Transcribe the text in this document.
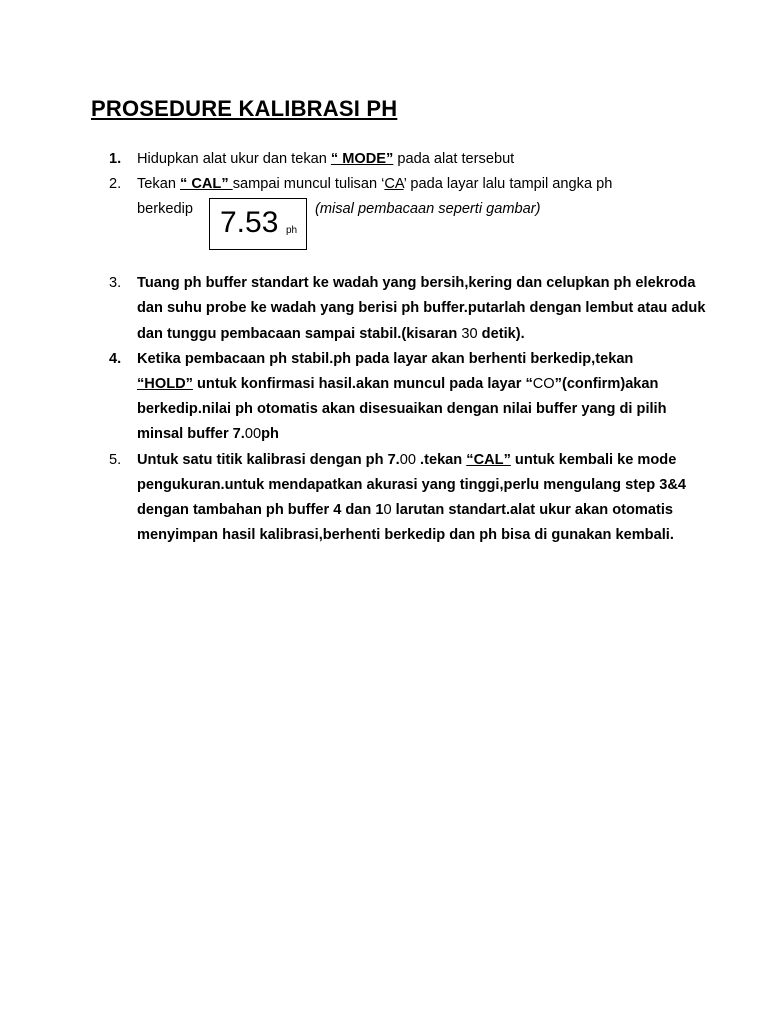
PROSEDURE KALIBRASI PH
1. Hidupkan alat ukur dan tekan “ MODE” pada alat tersebut
2. Tekan “ CAL” sampai muncul tulisan ‘CA’ pada layar lalu tampil angka ph
berkedip 7.53 ph
(misal pembacaan seperti gambar)
3. Tuang ph buffer standart ke wadah yang bersih,kering dan celupkan ph elekroda dan suhu probe ke wadah yang berisi ph buffer.putarlah dengan lembut atau aduk dan tunggu pembacaan sampai stabil.(kisaran 30 detik).
4. Ketika pembacaan ph stabil.ph pada layar akan berhenti berkedip,tekan
“HOLD” untuk konfirmasi hasil.akan muncul pada layar “CO”(confirm)akan berkedip.nilai ph otomatis akan disesuaikan dengan nilai buffer yang di pilih minsal buffer 7.00ph
5. Untuk satu titik kalibrasi dengan ph 7.00 .tekan “CAL” untuk kembali ke mode pengukuran.untuk mendapatkan akurasi yang tinggi,perlu mengulang step 3&4 dengan tambahan ph buffer 4 dan 10 larutan standart.alat ukur akan otomatis menyimpan hasil kalibrasi,berhenti berkedip dan ph bisa di gunakan kembali.
